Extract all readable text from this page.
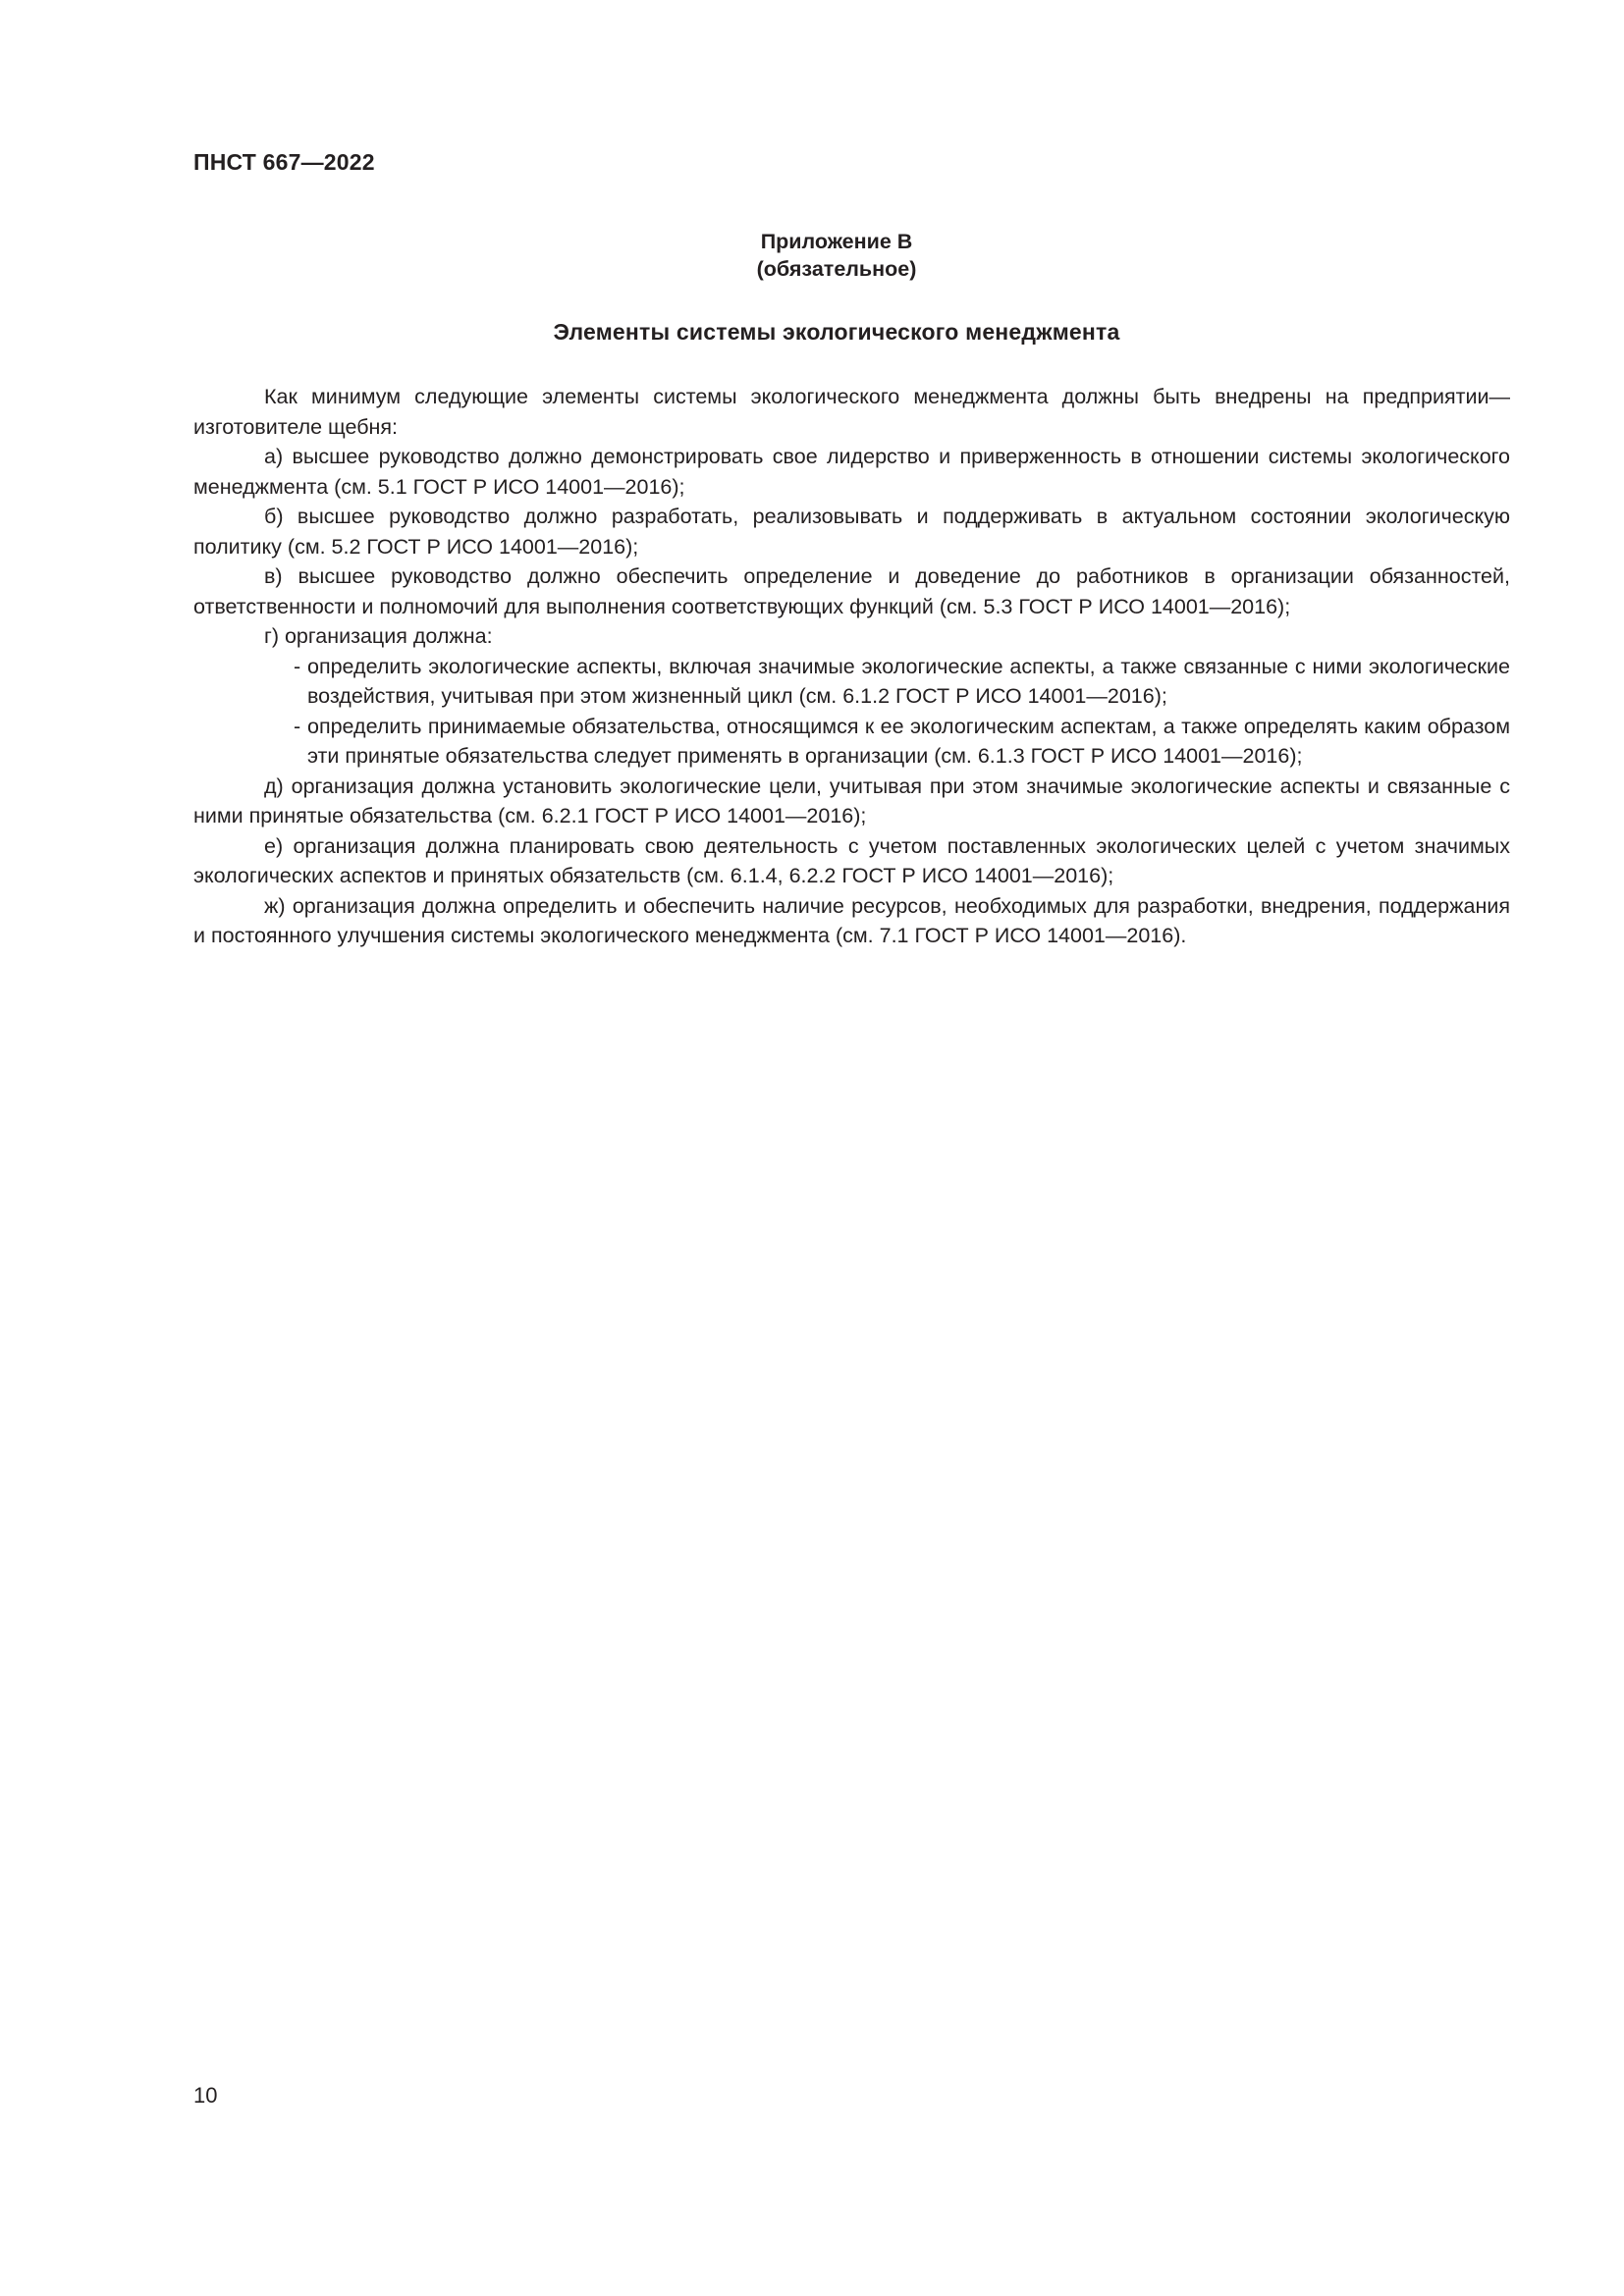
ПНСТ 667—2022
Приложение В
(обязательное)
Элементы системы экологического менеджмента

Как минимум следующие элементы системы экологического менеджмента должны быть внедрены на предприятии—изготовителе щебня:

а) высшее руководство должно демонстрировать свое лидерство и приверженность в отношении системы экологического менеджмента (см. 5.1 ГОСТ Р ИСО 14001—2016);

б) высшее руководство должно разработать, реализовывать и поддерживать в актуальном состоянии экологическую политику (см. 5.2 ГОСТ Р ИСО 14001—2016);

в) высшее руководство должно обеспечить определение и доведение до работников в организации обязанностей, ответственности и полномочий для выполнения соответствующих функций (см. 5.3 ГОСТ Р ИСО 14001—2016);

г) организация должна:

- определить экологические аспекты, включая значимые экологические аспекты, а также связанные с ними экологические воздействия, учитывая при этом жизненный цикл (см. 6.1.2 ГОСТ Р ИСО 14001—2016);
- определить принимаемые обязательства, относящимся к ее экологическим аспектам, а также определять каким образом эти принятые обязательства следует применять в организации (см. 6.1.3 ГОСТ Р ИСО 14001—2016);

д) организация должна установить экологические цели, учитывая при этом значимые экологические аспекты и связанные с ними принятые обязательства (см. 6.2.1 ГОСТ Р ИСО 14001—2016);

е) организация должна планировать свою деятельность с учетом поставленных экологических целей с учетом значимых экологических аспектов и принятых обязательств (см. 6.1.4, 6.2.2 ГОСТ Р ИСО 14001—2016);

ж) организация должна определить и обеспечить наличие ресурсов, необходимых для разработки, внедрения, поддержания и постоянного улучшения системы экологического менеджмента (см. 7.1 ГОСТ Р ИСО 14001—2016).

10
